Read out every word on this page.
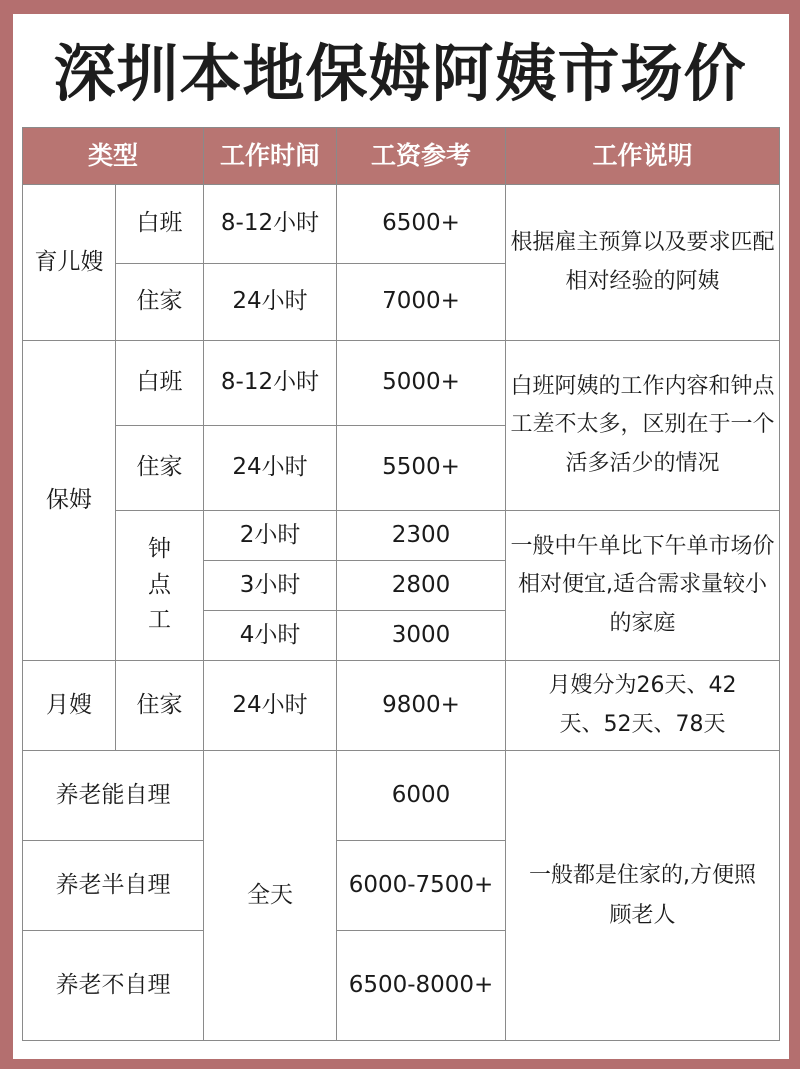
深圳本地保姆阿姨市场价
类型		工作时间	工资参考	工作说明
育儿嫂	白班	8-12小时	6500+	根据雇主预算以及要求匹配相对经验的阿姨
	住家	24小时	7000+	
保姆	白班	8-12小时	5000+	白班阿姨的工作内容和钟点工差不太多，区别在于一个活多活少的情况
	住家	24小时	5500+	
	钟点工	2小时	2300	一般中午单比下午单市场价相对便宜,适合需求量较小的家庭
		3小时	2800	
		4小时	3000	
月嫂	住家	24小时	9800+	月嫂分为26天、42天、52天、78天
养老能自理		全天	6000	一般都是住家的,方便照
顾老人

养老半自理			6000-7500+	
养老不自理			6500-8000+	
